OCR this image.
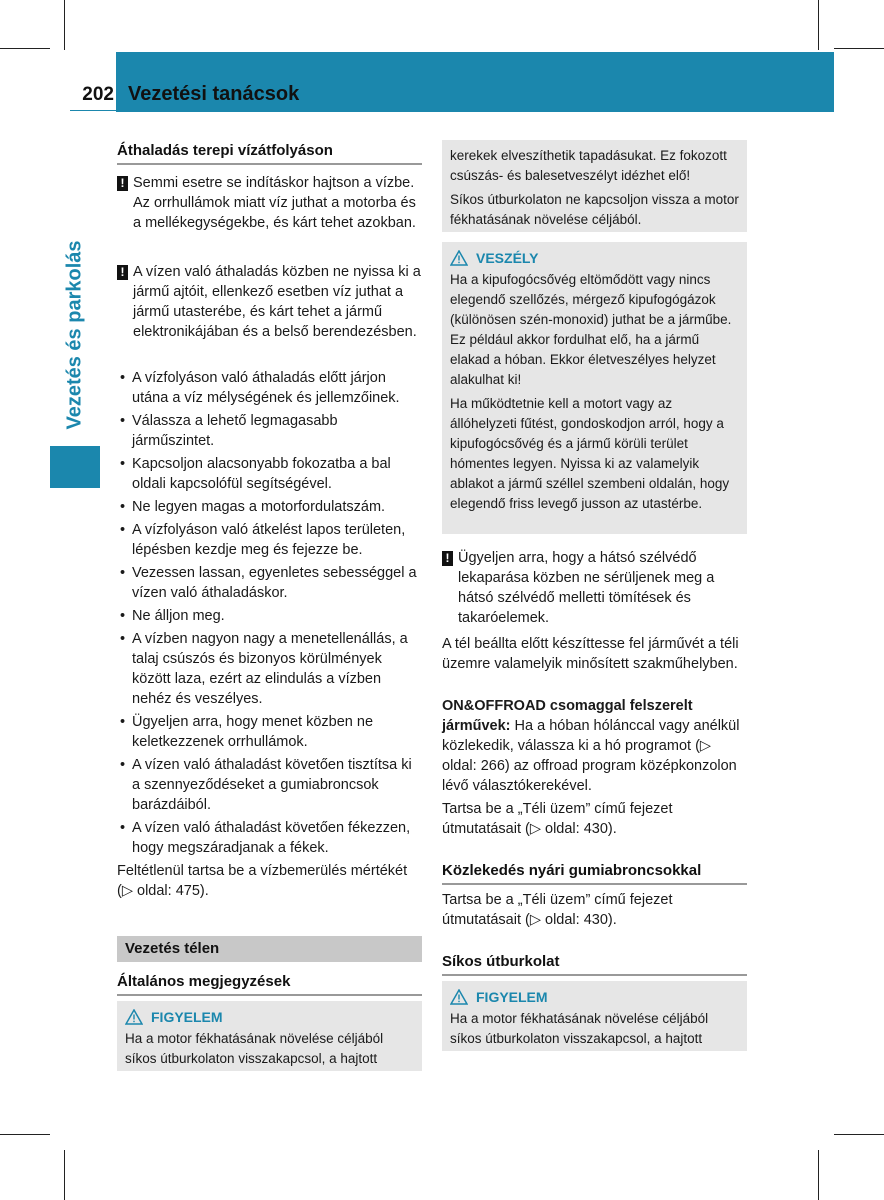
202 Vezetési tanácsok
Vezetés és parkolás
Áthaladás terepi vízátfolyáson
! Semmi esetre se indításkor hajtson a vízbe. Az orrhullámok miatt víz juthat a motorba és a mellékegységekbe, és kárt tehet azokban.
! A vízen való áthaladás közben ne nyissa ki a jármű ajtóit, ellenkező esetben víz juthat a jármű utasterébe, és kárt tehet a jármű elektronikájában és a belső berendezésben.
• A vízfolyáson való áthaladás előtt járjon utána a víz mélységének és jellemzőinek.
• Válassza a lehető legmagasabb járműszintet.
• Kapcsoljon alacsonyabb fokozatba a bal oldali kapcsolófül segítségével.
• Ne legyen magas a motorfordulatszám.
• A vízfolyáson való átkelést lapos területen, lépésben kezdje meg és fejezze be.
• Vezessen lassan, egyenletes sebességgel a vízen való áthaladáskor.
• Ne álljon meg.
• A vízben nagyon nagy a menetellenállás, a talaj csúszós és bizonyos körülmények között laza, ezért az elindulás a vízben nehéz és veszélyes.
• Ügyeljen arra, hogy menet közben ne keletkezzenek orrhullámok.
• A vízen való áthaladást követően tisztítsa ki a szennyeződéseket a gumiabroncsok barázdáiból.
• A vízen való áthaladást követően fékezzen, hogy megszáradjanak a fékek.
Feltétlenül tartsa be a vízbemerülés mértékét (▷ oldal: 475).
Vezetés télen
Általános megjegyzések
FIGYELEM
Ha a motor fékhatásának növelése céljából síkos útburkolaton visszakapcsol, a hajtott

kerekek elveszíthetik tapadásukat. Ez fokozott csúszás- és balesetveszélyt idézhet elő!

Síkos útburkolaton ne kapcsoljon vissza a motor fékhatásának növelése céljából.

VESZÉLY

Ha a kipufogócsővég eltömődött vagy nincs elegendő szellőzés, mérgező kipufogógázok (különösen szén-monoxid) juthat be a járműbe. Ez például akkor fordulhat elő, ha a jármű elakad a hóban. Ekkor életveszélyes helyzet alakulhat ki!

Ha működtetnie kell a motort vagy az állóhelyzeti fűtést, gondoskodjon arról, hogy a kipufogócsővég és a jármű körüli terület hómentes legyen. Nyissa ki az valamelyik ablakot a jármű széllel szembeni oldalán, hogy elegendő friss levegő jusson az utastérbe.

! Ügyeljen arra, hogy a hátsó szélvédő lekaparása közben ne sérüljenek meg a hátsó szélvédő melletti tömítések és takaróelemek.
A tél beállta előtt készíttesse fel járművét a téli üzemre valamelyik minősített szakműhelyben.
ON&OFFROAD csomaggal felszerelt járművek: Ha a hóban hólánccal vagy anélkül közlekedik, válassza ki a hó programot (▷ oldal: 266) az offroad program középkonzolon lévő választókerekével.
Tartsa be a „Téli üzem” című fejezet útmutatásait (▷ oldal: 430).
Közlekedés nyári gumiabroncsokkal
Tartsa be a „Téli üzem” című fejezet útmutatásait (▷ oldal: 430).
Síkos útburkolat
FIGYELEM
Ha a motor fékhatásának növelése céljából síkos útburkolaton visszakapcsol, a hajtott
